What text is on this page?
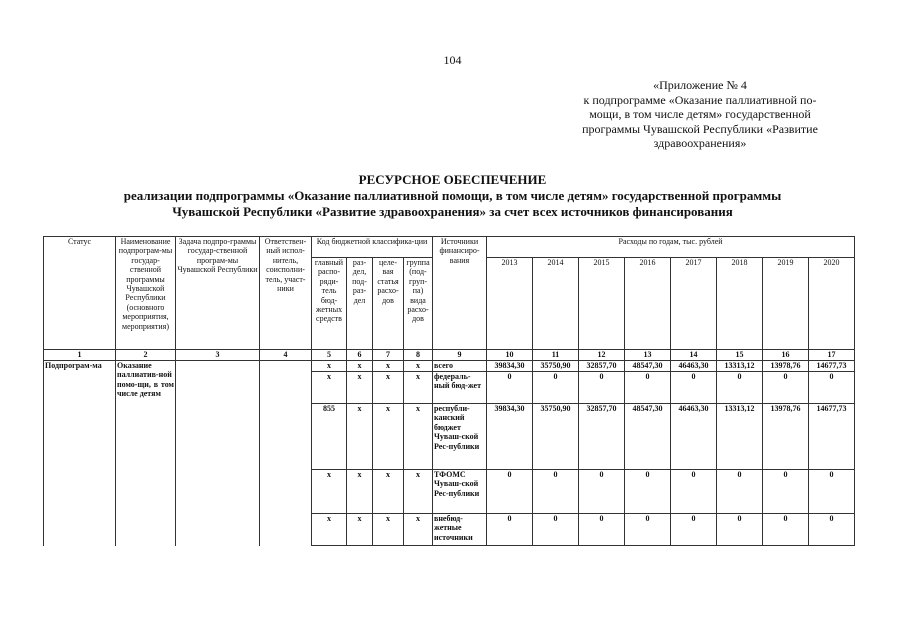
104
«Приложение № 4
к подпрограмме «Оказание паллиативной по-
мощи, в том числе детям» государственной
программы Чувашской Республики «Развитие
здравоохранения»
РЕСУРСНОЕ ОБЕСПЕЧЕНИЕ
реализации подпрограммы «Оказание паллиативной помощи, в том числе детям» государственной программы
Чувашской Республики «Развитие здравоохранения» за счет всех источников финансирования
Статус	Наименование подпрограм-мы государ-ственной программы Чувашской Республики (основного мероприятия, мероприятия)	Задача подпро-граммы государ-ственной програм-мы Чувашской Республики	Ответствен-ный испол-нитель, соисполни-тель, участ-ники	Код бюджетной классифика-ции				Источники финансиро-вания	Расходы по годам, тыс. рублей							
				главный распо-ряди-тель бюд-жетных средств	раз-дел, под-раз-дел	целе-вая статья расхо-дов	группа (под-груп-па) вида расхо-дов		2013	2014	2015	2016	2017	2018	2019	2020
1	2	3	4	5	6	7	8	9	10	11	12	13	14	15	16	17
Подпрограм-ма	Оказание паллиатив-ной помо-щи, в том числе детям			x	x	x	x	всего	39834,30	35750,90	32857,70	48547,30	46463,30	13313,12	13978,76	14677,73
				x	x	x	x	федераль-ный бюд-жет	0	0	0	0	0	0	0	0
				855	x	x	x	республи-канский бюджет Чуваш-ской Рес-публики	39834,30	35750,90	32857,70	48547,30	46463,30	13313,12	13978,76	14677,73
				x	x	x	x	ТФОМС Чуваш-ской Рес-публики	0	0	0	0	0	0	0	0
				x	x	x	x	внебюд-жетные источники	0	0	0	0	0	0	0	0
